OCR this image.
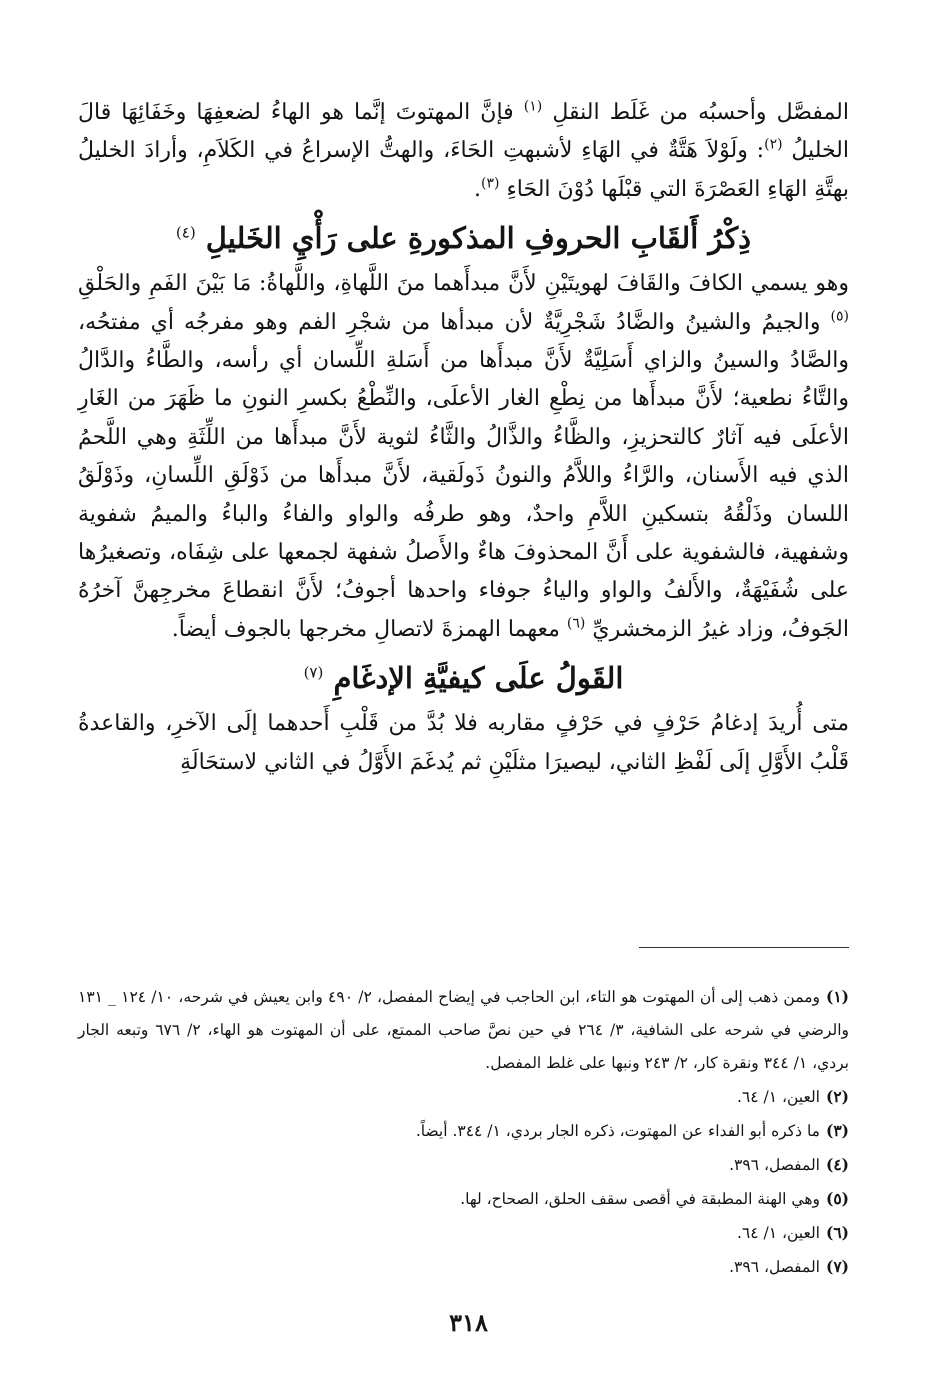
المفصَّل وأحسبُه من غَلَط النقلِ $^{(١)}$ فإنَّ المهتوتَ إنَّما هو الهاءُ لضعفِهَا وخَفَائِهَا قالَ الخليلُ $^{(٢)}$: ولَوْلاَ هَتَّةٌ في الهَاءِ لأشبهتِ الحَاءَ، والهتُّ الإسراعُ في الكَلاَمِ، وأرادَ الخليلُ بهتَّةِ الهَاءِ العَصْرَةَ التي قبْلَها دُوْنَ الحَاءِ $^{(٣)}$.

ذِكْرُ أَلقَابِ الحروفِ المذكورةِ على رَأْيِ الخَليلِ $^{(٤)}$

وهو يسمي الكافَ والقَافَ لهويتَيْنِ لأَنَّ مبدأَهما منَ اللَّهاةِ، واللَّهاةُ: مَا بَيْنَ الفَمِ والحَلْقِ $^{(٥)}$ والجيمُ والشينُ والضَّادُ شَجْرِيَّةٌ لأن مبدأها من شجْرِ الفم وهو مفرجُه أي مفتحُه، والصَّادُ والسينُ والزاي أَسَلِيَّةٌ لأَنَّ مبدأَها من أَسَلةِ اللِّسان أي رأسه، والطَّاءُ والدَّالُ والتَّاءُ نطعية؛ لأَنَّ مبدأَها من نِطْعِ الغار الأعلَى، والنِّطْعُ بكسرِ النونِ ما ظَهَرَ من الغَارِ الأعلَى فيه آثارٌ كالتحزيزِ، والظَّاءُ والذَّالُ والثَّاءُ لثوية لأَنَّ مبدأَها من اللِّثَةِ وهي اللَّحمُ الذي فيه الأَسنان، والرَّاءُ واللاَّمُ والنونُ ذَولَقية، لأَنَّ مبدأَها من ذَوْلَقِ اللِّسانِ، وذَوْلَقُ اللسان وذَلْقُهُ بتسكينِ اللاَّمِ واحدٌ، وهو طرفُه والواو والفاءُ والباءُ والميمُ شفوية وشفهية، فالشفوية على أَنَّ المحذوفَ هاءٌ والأَصلُ شفهة لجمعها على شِفَاه، وتصغيرُها على شُفَيْهَةٌ، والأَلفُ والواو والياءُ جوفاء واحدها أجوفُ؛ لأَنَّ انقطاعَ مخرجِهنَّ آخرُهُ الجَوفُ، وزاد غيرُ الزمخشريِّ $^{(٦)}$ معهما الهمزةَ لاتصالِ مخرجها بالجوف أيضاً.

القَولُ علَى كيفيَّةِ الإدغَامِ $^{(٧)}$

متى أُريدَ إدغامُ حَرْفٍ في حَرْفٍ مقاربه فلا بُدَّ من قَلْبِ أَحدهما إلَى الآخرِ، والقاعدةُ قَلْبُ الأَوَّلِ إلَى لَفْظِ الثاني، ليصيرَا مثلَيْنِ ثم يُدغَمَ الأَوَّلُ في الثاني لاستحَالَةِ

(١)وممن ذهب إلى أن المهتوت هو التاء، ابن الحاجب في إيضاح المفصل، ٢/ ٤٩٠ وابن يعيش في شرحه، ١٠/ ١٢٤ _ ١٣١ والرضي في شرحه على الشافية، ٣/ ٢٦٤ في حين نصَّ صاحب الممتع، على أن المهتوت هو الهاء، ٢/ ٦٧٦ وتبعه الجار بردي، ١/ ٣٤٤ ونقرة كار، ٢/ ٢٤٣ ونبها على غلط المفصل.

(٢)العين، ١/ ٦٤.

(٣)ما ذكره أبو الفداء عن المهتوت، ذكره الجار بردي، ١/ ٣٤٤. أيضاً.

(٤)المفصل، ٣٩٦.

(٥)وهي الهنة المطبقة في أقصى سقف الحلق، الصحاح، لها.

(٦)العين، ١/ ٦٤.

(٧)المفصل، ٣٩٦.

٣١٨
